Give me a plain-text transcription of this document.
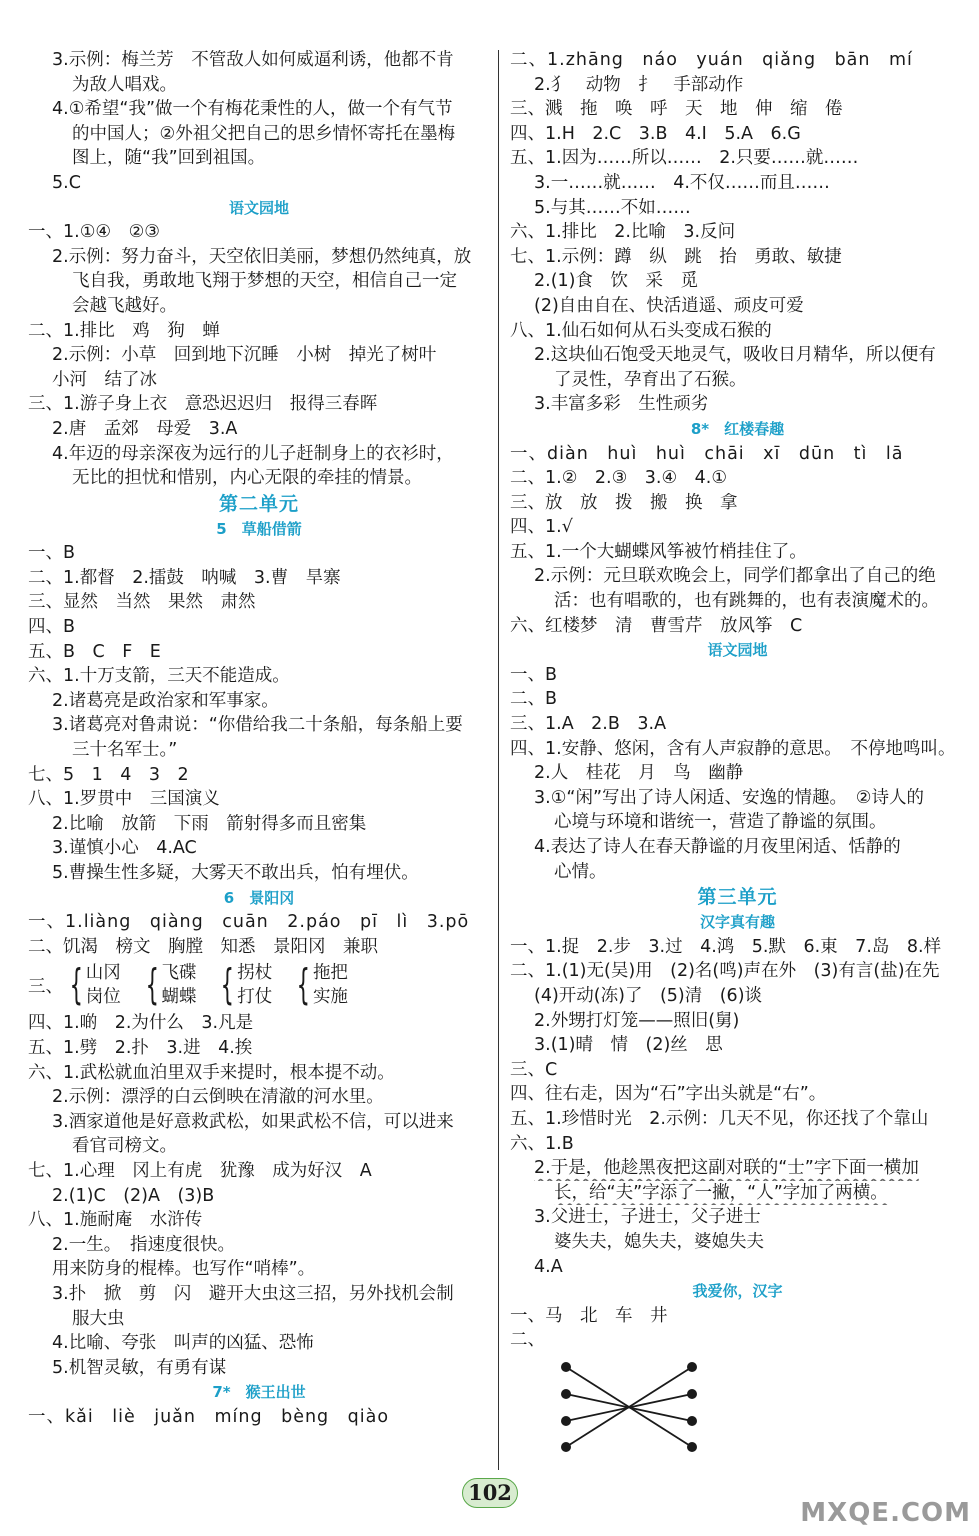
3.示例：梅兰芳　不管敌人如何威逼利诱，他都不肯
为敌人唱戏。
4.①希望“我”做一个有梅花秉性的人，做一个有气节
的中国人；②外祖父把自己的思乡情怀寄托在墨梅
图上，随“我”回到祖国。
5.C
语文园地
一、1.①④　②③
2.示例：努力奋斗，天空依旧美丽，梦想仍然纯真，放
飞自我，勇敢地飞翔于梦想的天空，相信自己一定
会越飞越好。
二、1.排比　鸡　狗　蝉
2.示例：小草　回到地下沉睡　小树　掉光了树叶
小河　结了冰
三、1.游子身上衣　意恐迟迟归　报得三春晖
2.唐　孟郊　母爱　3.A
4.年迈的母亲深夜为远行的儿子赶制身上的衣衫时，
无比的担忧和惜别，内心无限的牵挂的情景。
第二单元
5　草船借箭
一、B
二、1.都督　2.擂鼓　呐喊　3.曹　旱寨
三、显然　当然　果然　肃然
四、B
五、B　C　F　E
六、1.十万支箭，三天不能造成。
2.诸葛亮是政治家和军事家。
3.诸葛亮对鲁肃说：“你借给我二十条船，每条船上要
三十名军士。”
七、5　1　4　3　2
八、1.罗贯中　三国演义
2.比喻　放箭　下雨　箭射得多而且密集
3.谨慎小心　4.AC
5.曹操生性多疑，大雾天不敢出兵，怕有埋伏。
6　景阳冈
一、1.liàng　qiàng　cuān　2.páo　pī　lì　3.pō
二、饥渴　榜文　胸膛　知悉　景阳冈　兼职
三、 { 山冈
岗位 { 飞碟
蝴蝶 { 拐杖
打仗 { 拖把
实施
四、1.啲　2.为什么　3.凡是
五、1.劈　2.扑　3.进　4.挨
六、1.武松就血泊里双手来提时，根本提不动。
2.示例：漂浮的白云倒映在清澈的河水里。
3.酒家道他是好意救武松，如果武松不信，可以进来
看官司榜文。
七、1.心理　冈上有虎　犹豫　成为好汉　A
2.(1)C　(2)A　(3)B
八、1.施耐庵　水浒传
2.一生。　指速度很快。
用来防身的棍棒。也写作“哨棒”。
3.扑　掀　剪　闪　避开大虫这三招，另外找机会制
服大虫
4.比喻、夸张　叫声的凶猛、恐怖
5.机智灵敏，有勇有谋
7*　猴王出世
一、kǎi　liè　juǎn　míng　bèng　qiào
二、1.zhāng　náo　yuán　qiǎng　bān　mí
2.犭　动物　扌　手部动作
三、溅　拖　唤　呼　天　地　伸　缩　倦
四、1.H　2.C　3.B　4.I　5.A　6.G
五、1.因为……所以……　2.只要……就……
3.一……就……　4.不仅……而且……
5.与其……不如……
六、1.排比　2.比喻　3.反问
七、1.示例：蹲　纵　跳　抬　勇敢、敏捷
2.(1)食　饮　采　觅
(2)自由自在、快活逍遥、顽皮可爱
八、1.仙石如何从石头变成石猴的
2.这块仙石饱受天地灵气，吸收日月精华，所以便有
了灵性，孕育出了石猴。
3.丰富多彩　生性顽劣
8*　红楼春趣
一、diàn　huì　huì　chāi　xī　dūn　tì　lā
二、1.②　2.③　3.④　4.①
三、放　放　拨　搬　换　拿
四、1.√
五、1.一个大蝴蝶风筝被竹梢挂住了。
2.示例：元旦联欢晚会上，同学们都拿出了自己的绝
活：也有唱歌的，也有跳舞的，也有表演魔术的。
六、红楼梦　清　曹雪芹　放风筝　C
语文园地
一、B
二、B
三、1.A　2.B　3.A
四、1.安静、悠闲，含有人声寂静的意思。　不停地鸣叫。
2.人　桂花　月　鸟　幽静
3.①“闲”写出了诗人闲适、安逸的情趣。　②诗人的
心境与环境和谐统一，营造了静谧的氛围。
4.表达了诗人在春天静谧的月夜里闲适、恬静的
心情。
第三单元
汉字真有趣
一、1.捉　2.步　3.过　4.鸿　5.默　6.東　7.岛　8.样
二、1.(1)无(吴)用　(2)名(鸣)声在外　(3)有言(盐)在先
(4)开动(冻)了　(5)清　(6)谈
2.外甥打灯笼——照旧(舅)
3.(1)晴　情　(2)丝　思
三、C
四、往右走，因为“石”字出头就是“右”。
五、1.珍惜时光　2.示例：几天不见，你还找了个靠山
六、1.B
2.于是，他趁黑夜把这副对联的“士”字下面一横加
长，给“夫”字添了一撇，“人”字加了两横。
3.父进士，子进士，父子进士
婆失夫，媳失夫，婆媳失夫
4.A
我爱你，汉字
一、马　北　车　井
二、
102
MXQE.COM
